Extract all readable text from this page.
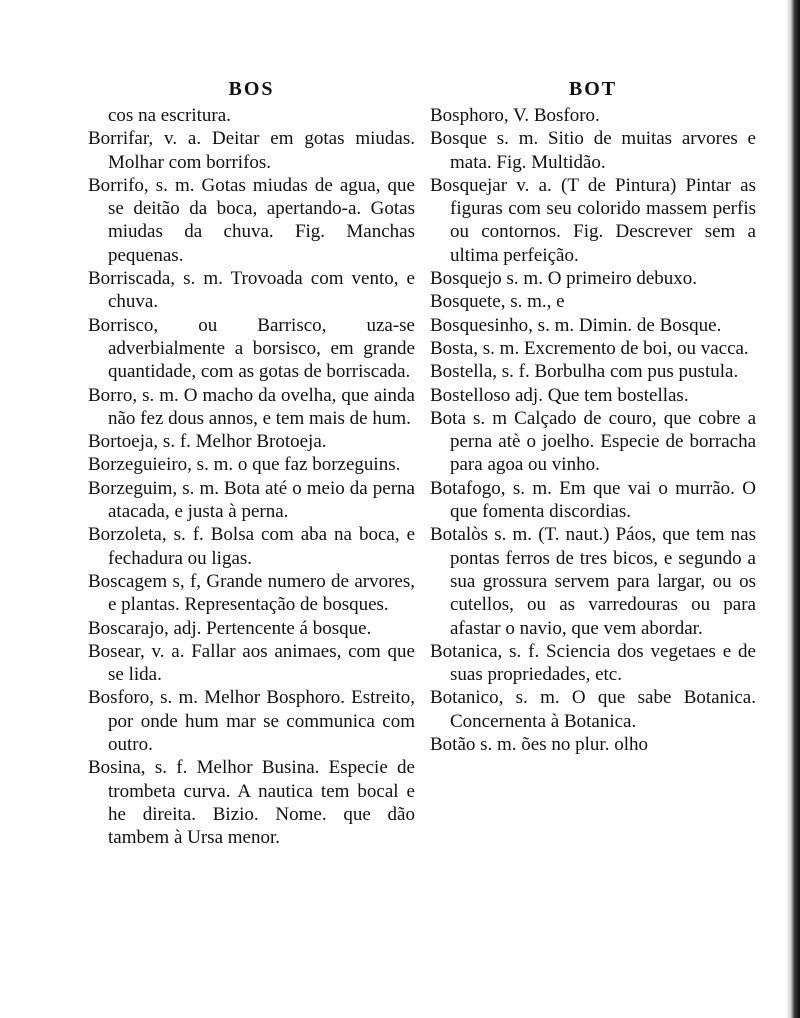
BOS
cos na escritura.
Borrifar, v. a. Deitar em gotas miudas. Molhar com borrifos.
Borrifo, s. m. Gotas miudas de agua, que se deitão da boca, apertando-a. Gotas miudas da chuva. Fig. Manchas pequenas.
Borriscada, s. m. Trovoada com vento, e chuva.
Borrisco, ou Barrisco, uza-se adverbialmente a borsisco, em grande quantidade, com as gotas de borriscada.
Borro, s. m. O macho da ovelha, que ainda não fez dous annos, e tem mais de hum.
Bortoeja, s. f. Melhor Brotoeja.
Borzeguieiro, s. m. o que faz borzeguins.
Borzeguim, s. m. Bota até o meio da perna atacada, e justa à perna.
Borzoleta, s. f. Bolsa com aba na boca, e fechadura ou ligas.
Boscagem s, f, Grande numero de arvores, e plantas. Representação de bosques.
Boscarajo, adj. Pertencente á bosque.
Bosear, v. a. Fallar aos animaes, com que se lida.
Bosforo, s. m. Melhor Bosphoro. Estreito, por onde hum mar se communica com outro.
Bosina, s. f. Melhor Busina. Especie de trombeta curva. A nautica tem bocal e he direita. Bizio. Nome. que dão tambem à Ursa menor.
BOT
Bosphoro, V. Bosforo.
Bosque s. m. Sitio de muitas arvores e mata. Fig. Multidão.
Bosquejar v. a. (T de Pintura) Pintar as figuras com seu colorido massem perfis ou contornos. Fig. Descrever sem a ultima perfeição.
Bosquejo s. m. O primeiro debuxo.
Bosquete, s. m., e
Bosquesinho, s. m. Dimin. de Bosque.
Bosta, s. m. Excremento de boi, ou vacca.
Bostella, s. f. Borbulha com pus pustula.
Bostelloso adj. Que tem bostellas.
Bota s. m Calçado de couro, que cobre a perna atè o joelho. Especie de borracha para agoa ou vinho.
Botafogo, s. m. Em que vai o murrão. O que fomenta discordias.
Botalòs s. m. (T. naut.) Páos, que tem nas pontas ferros de tres bicos, e segundo a sua grossura servem para largar, ou os cutellos, ou as varredouras ou para afastar o navio, que vem abordar.
Botanica, s. f. Sciencia dos vegetaes e de suas propriedades, etc.
Botanico, s. m. O que sabe Botanica. Concernenta à Botanica.
Botão s. m. ões no plur. olho
